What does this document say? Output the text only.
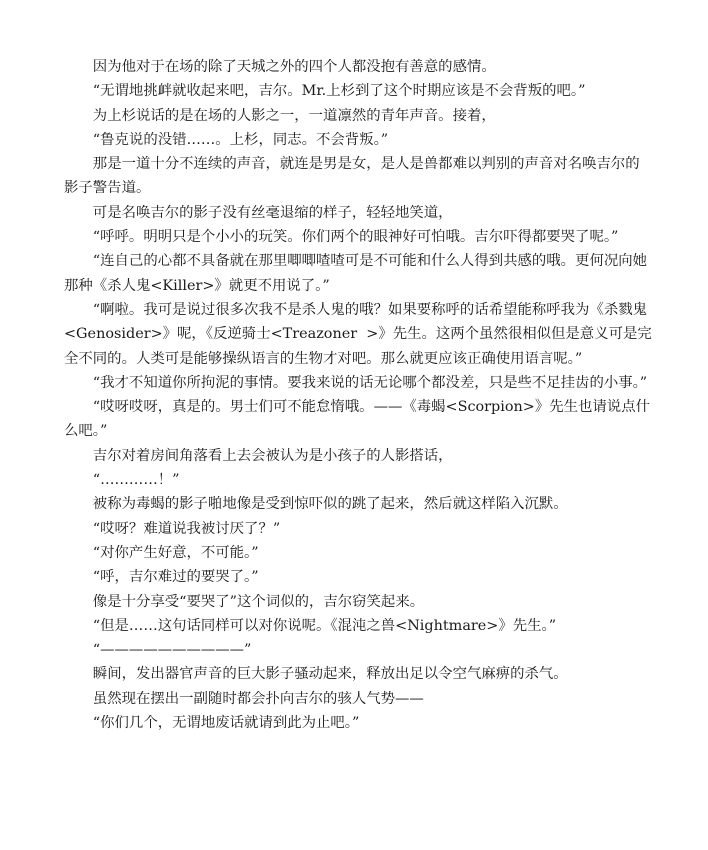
因为他对于在场的除了天城之外的四个人都没抱有善意的感情。

“无谓地挑衅就收起来吧，吉尔。Mr.上杉到了这个时期应该是不会背叛的吧。”

为上杉说话的是在场的人影之一，一道凛然的青年声音。接着，

“鲁克说的没错……。上杉，同志。不会背叛。”

那是一道十分不连续的声音，就连是男是女，是人是兽都难以判别的声音对名唤吉尔的影子警告道。

可是名唤吉尔的影子没有丝毫退缩的样子，轻轻地笑道，

“呼呼。明明只是个小小的玩笑。你们两个的眼神好可怕哦。吉尔吓得都要哭了呢。”

“连自己的心都不具备就在那里唧唧喳喳可是不可能和什么人得到共感的哦。更何况向她那种《杀人鬼<Killer>》就更不用说了。”

“啊啦。我可是说过很多次我不是杀人鬼的哦？如果要称呼的话希望能称呼我为《杀戮鬼<Genosider>》呢，《反逆骑士<Treazoner  >》先生。这两个虽然很相似但是意义可是完全不同的。人类可是能够操纵语言的生物才对吧。那么就更应该正确使用语言呢。”

“我才不知道你所拘泥的事情。要我来说的话无论哪个都没差，只是些不足挂齿的小事。”

“哎呀哎呀，真是的。男士们可不能怠惰哦。——《毒蝎<Scorpion>》先生也请说点什么吧。”

吉尔对着房间角落看上去会被认为是小孩子的人影搭话，

“…………！”

被称为毒蝎的影子啪地像是受到惊吓似的跳了起来，然后就这样陷入沉默。

“哎呀？难道说我被讨厌了？”

“对你产生好意，不可能。”

“呼，吉尔难过的要哭了。”

像是十分享受“要哭了”这个词似的，吉尔窃笑起来。

“但是……这句话同样可以对你说呢。《混沌之兽<Nightmare>》先生。”

“——————————”

瞬间，发出器官声音的巨大影子骚动起来，释放出足以令空气麻痹的杀气。

虽然现在摆出一副随时都会扑向吉尔的骇人气势——

“你们几个，无谓地废话就请到此为止吧。”
